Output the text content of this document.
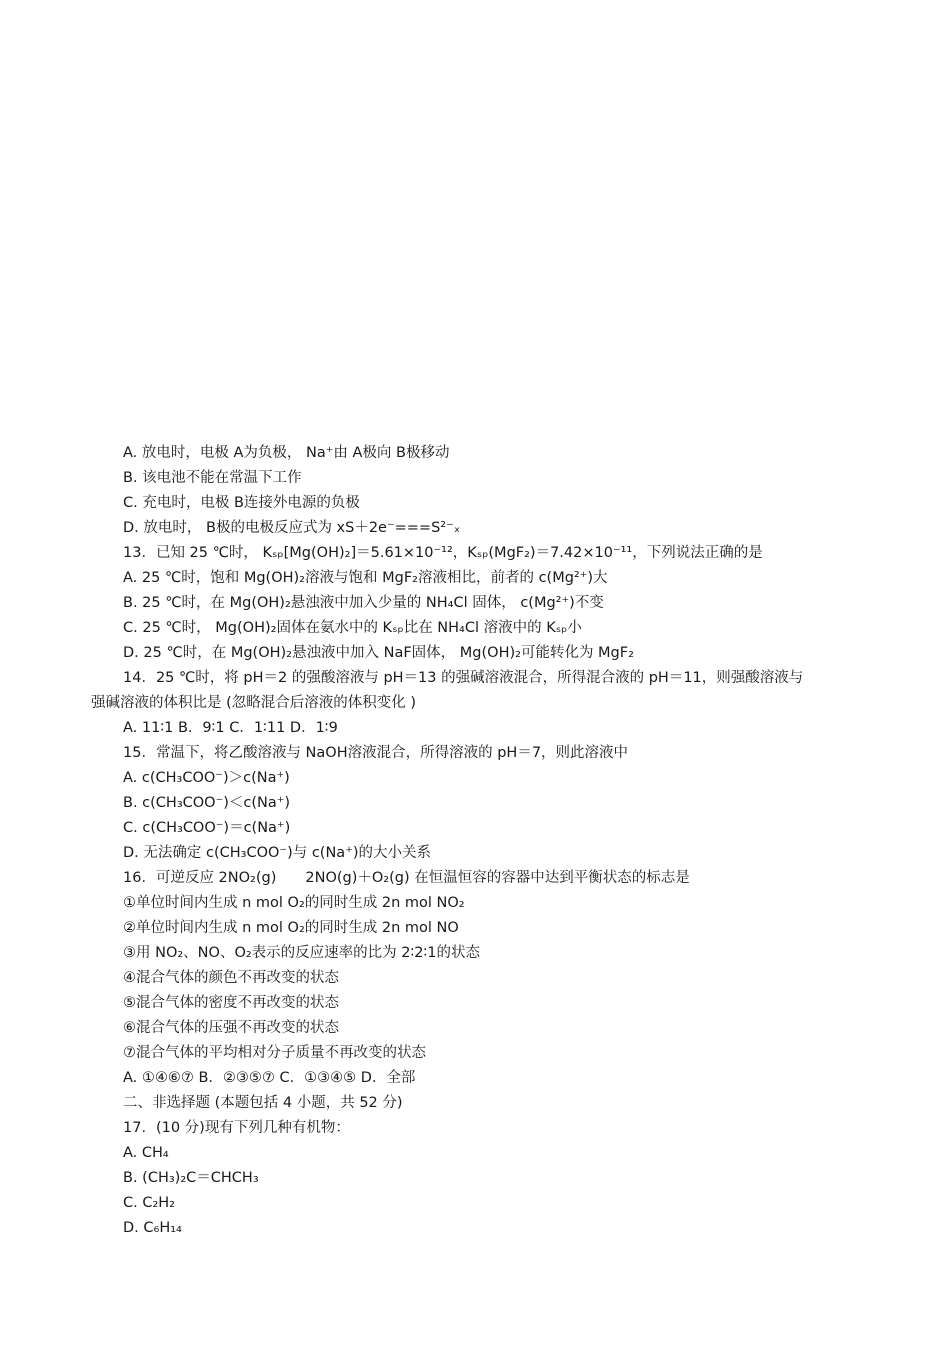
A. 放电时，电极 A为负极， Na⁺由 A极向 B极移动
B. 该电池不能在常温下工作
C. 充电时，电极 B连接外电源的负极
D. 放电时， B极的电极反应式为 xS＋2e⁻===S²⁻ₓ
13．已知 25 ℃时， Kₛₚ[Mg(OH)₂]＝5.61×10⁻¹²，Kₛₚ(MgF₂)＝7.42×10⁻¹¹，下列说法正确的是
A. 25 ℃时，饱和 Mg(OH)₂溶液与饱和 MgF₂溶液相比，前者的 c(Mg²⁺)大
B. 25 ℃时，在 Mg(OH)₂悬浊液中加入少量的 NH₄Cl 固体， c(Mg²⁺)不变
C. 25 ℃时， Mg(OH)₂固体在氨水中的 Kₛₚ比在 NH₄Cl 溶液中的 Kₛₚ小
D. 25 ℃时，在 Mg(OH)₂悬浊液中加入 NaF固体， Mg(OH)₂可能转化为 MgF₂
14．25 ℃时，将 pH＝2 的强酸溶液与 pH＝13 的强碱溶液混合，所得混合液的 pH＝11，则强酸溶液与
强碱溶液的体积比是 (忽略混合后溶液的体积变化 )
A. 11∶1 B．9∶1 C．1∶11 D．1∶9
15．常温下，将乙酸溶液与 NaOH溶液混合，所得溶液的 pH＝7，则此溶液中
A. c(CH₃COO⁻)＞c(Na⁺)
B. c(CH₃COO⁻)＜c(Na⁺)
C. c(CH₃COO⁻)＝c(Na⁺)
D. 无法确定 c(CH₃COO⁻)与 c(Na⁺)的大小关系
16．可逆反应 2NO₂(g)　　2NO(g)＋O₂(g) 在恒温恒容的容器中达到平衡状态的标志是
①单位时间内生成 n mol O₂的同时生成 2n mol NO₂
②单位时间内生成 n mol O₂的同时生成 2n mol NO
③用 NO₂、NO、O₂表示的反应速率的比为 2∶2∶1的状态
④混合气体的颜色不再改变的状态
⑤混合气体的密度不再改变的状态
⑥混合气体的压强不再改变的状态
⑦混合气体的平均相对分子质量不再改变的状态
A. ①④⑥⑦ B．②③⑤⑦ C．①③④⑤ D．全部
二、非选择题 (本题包括 4 小题，共 52 分)
17．(10 分)现有下列几种有机物：
A. CH₄
B. (CH₃)₂C＝CHCH₃
C. C₂H₂
D. C₆H₁₄
